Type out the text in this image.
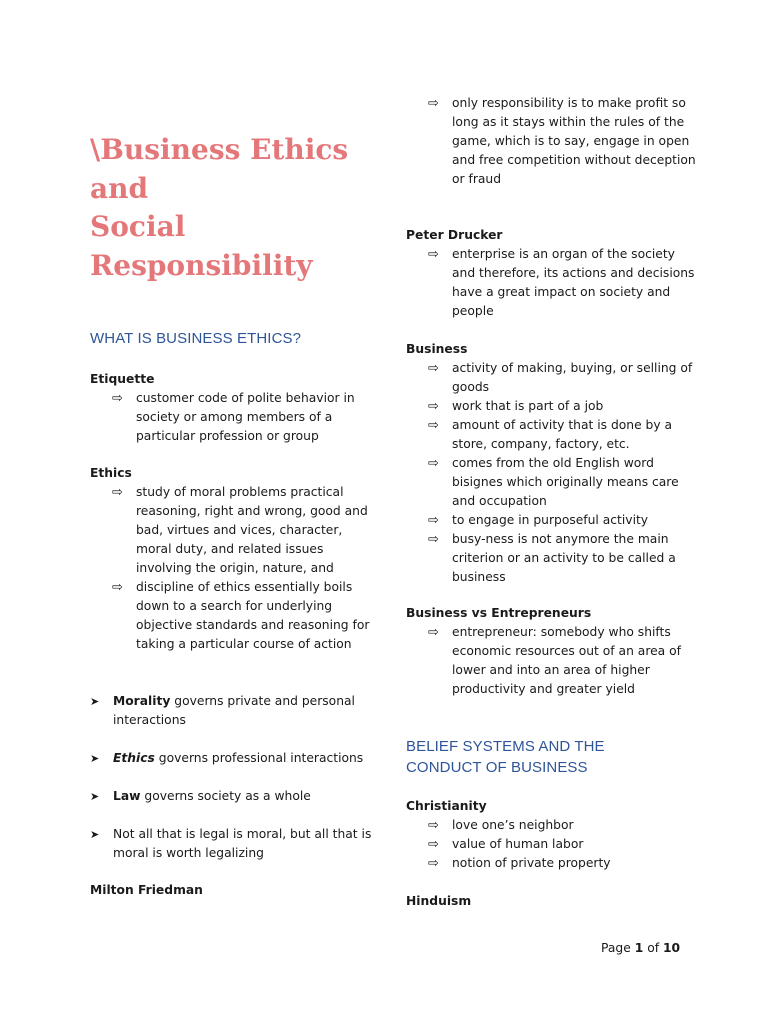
\Business Ethics
and
Social
Responsibility
WHAT IS BUSINESS ETHICS?
Etiquette
⇨ customer code of polite behavior in society or among members of a particular profession or group
Ethics
⇨ study of moral problems practical reasoning, right and wrong, good and bad, virtues and vices, character, moral duty, and related issues involving the origin, nature, and
⇨ discipline of ethics essentially boils down to a search for underlying objective standards and reasoning for taking a particular course of action
➤ Morality governs private and personal interactions
➤ Ethics governs professional interactions
➤ Law governs society as a whole
➤ Not all that is legal is moral, but all that is moral is worth legalizing
Milton Friedman
⇨ only responsibility is to make profit so long as it stays within the rules of the game, which is to say, engage in open and free competition without deception or fraud
Peter Drucker
⇨ enterprise is an organ of the society and therefore, its actions and decisions have a great impact on society and people
Business
⇨ activity of making, buying, or selling of goods
⇨ work that is part of a job
⇨ amount of activity that is done by a store, company, factory, etc.
⇨ comes from the old English word bisignes which originally means care and occupation
⇨ to engage in purposeful activity
⇨ busy-ness is not anymore the main criterion or an activity to be called a business
Business vs Entrepreneurs
⇨ entrepreneur: somebody who shifts economic resources out of an area of lower and into an area of higher productivity and greater yield
BELIEF SYSTEMS AND THE
CONDUCT OF BUSINESS
Christianity
⇨ love one’s neighbor
⇨ value of human labor
⇨ notion of private property
Hinduism
Page 1 of 10
